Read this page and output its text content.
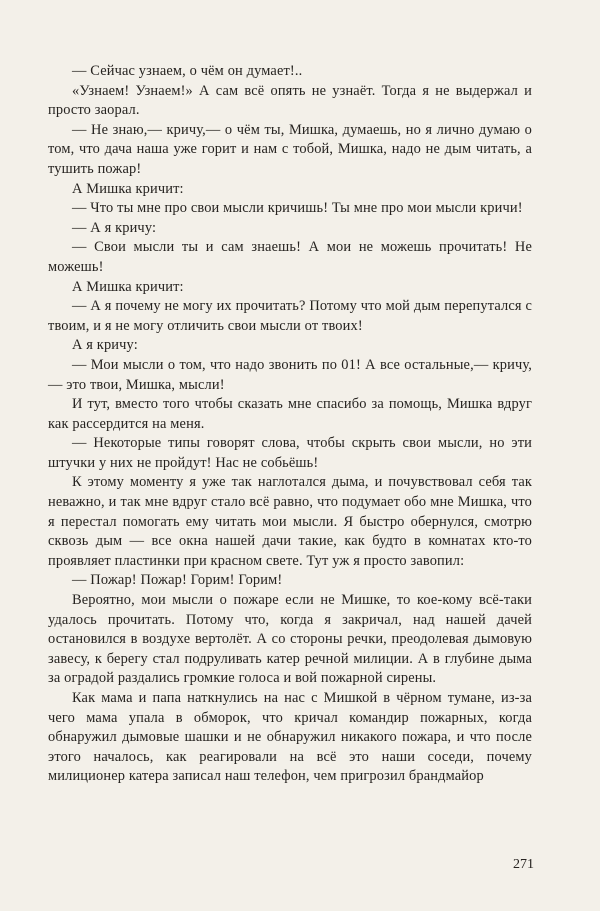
— Сейчас узнаем, о чём он думает!..

«Узнаем! Узнаем!» А сам всё опять не узнаёт. Тогда я не выдержал и просто заорал.

— Не знаю,— кричу,— о чём ты, Мишка, думаешь, но я лично думаю о том, что дача наша уже горит и нам с тобой, Мишка, надо не дым читать, а тушить пожар!

А Мишка кричит:

— Что ты мне про свои мысли кричишь! Ты мне про мои мысли кричи!

— А я кричу:

— Свои мысли ты и сам знаешь! А мои не можешь прочитать! Не можешь!

А Мишка кричит:

— А я почему не могу их прочитать? Потому что мой дым перепутался с твоим, и я не могу отличить свои мысли от твоих!

А я кричу:

— Мои мысли о том, что надо звонить по 01! А все остальные,— кричу,— это твои, Мишка, мысли!

И тут, вместо того чтобы сказать мне спасибо за помощь, Мишка вдруг как рассердится на меня.

— Некоторые типы говорят слова, чтобы скрыть свои мысли, но эти штучки у них не пройдут! Нас не собьёшь!

К этому моменту я уже так наглотался дыма, и почувствовал себя так неважно, и так мне вдруг стало всё равно, что подумает обо мне Мишка, что я перестал помогать ему читать мои мысли. Я быстро обернулся, смотрю сквозь дым — все окна нашей дачи такие, как будто в комнатах кто-то проявляет пластинки при красном свете. Тут уж я просто завопил:

— Пожар! Пожар! Горим! Горим!

Вероятно, мои мысли о пожаре если не Мишке, то кое-кому всё-таки удалось прочитать. Потому что, когда я закричал, над нашей дачей остановился в воздухе вертолёт. А со стороны речки, преодолевая дымовую завесу, к берегу стал подруливать катер речной милиции. А в глубине дыма за оградой раздались громкие голоса и вой пожарной сирены.

Как мама и папа наткнулись на нас с Мишкой в чёрном тумане, из-за чего мама упала в обморок, что кричал командир пожарных, когда обнаружил дымовые шашки и не обнаружил никакого пожара, и что после этого началось, как реагировали на всё это наши соседи, почему милиционер катера записал наш телефон, чем пригрозил брандмайор

271
